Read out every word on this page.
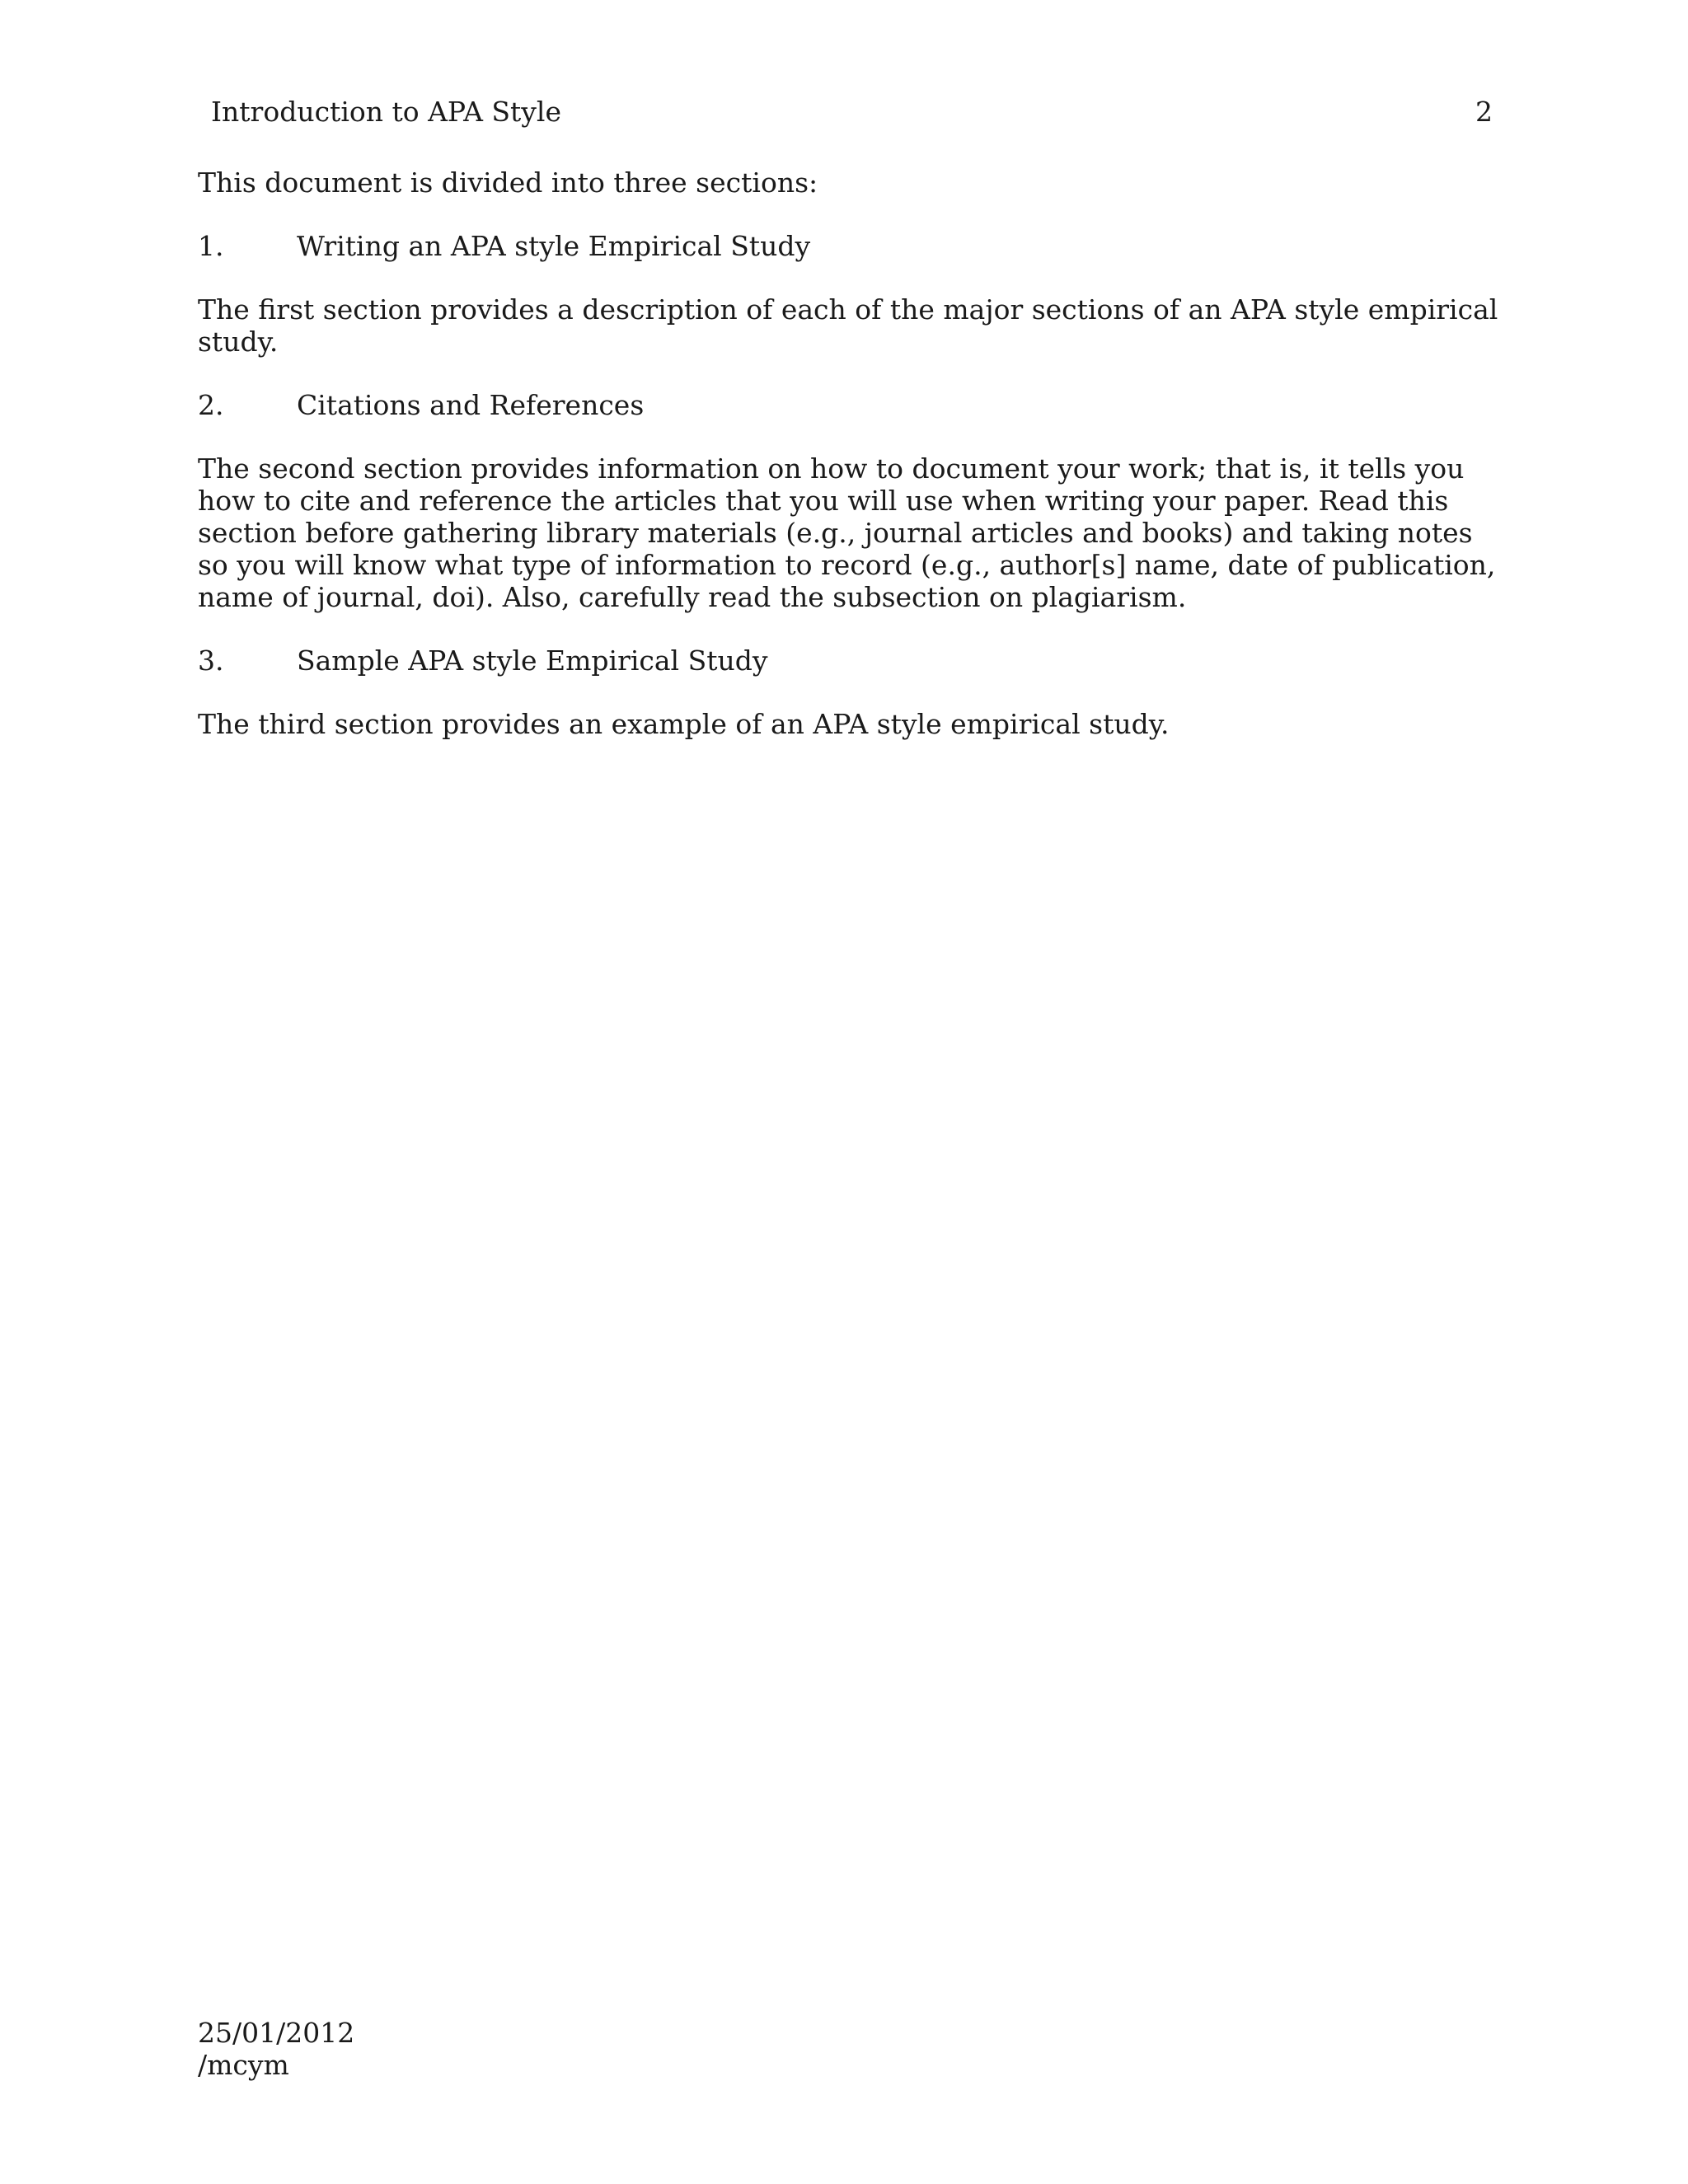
Introduction to APA Style	2

This document is divided into three sections:

1.	Writing an APA style Empirical Study

The first section provides a description of each of the major sections of an APA style empirical study.

2.	Citations and References

The second section provides information on how to document your work; that is, it tells you how to cite and reference the articles that you will use when writing your paper. Read this section before gathering library materials (e.g., journal articles and books) and taking notes so you will know what type of information to record (e.g., author[s] name, date of publication, name of journal, doi). Also, carefully read the subsection on plagiarism.

3.	Sample APA style Empirical Study

The third section provides an example of an APA style empirical study.

25/01/2012
/mcym
